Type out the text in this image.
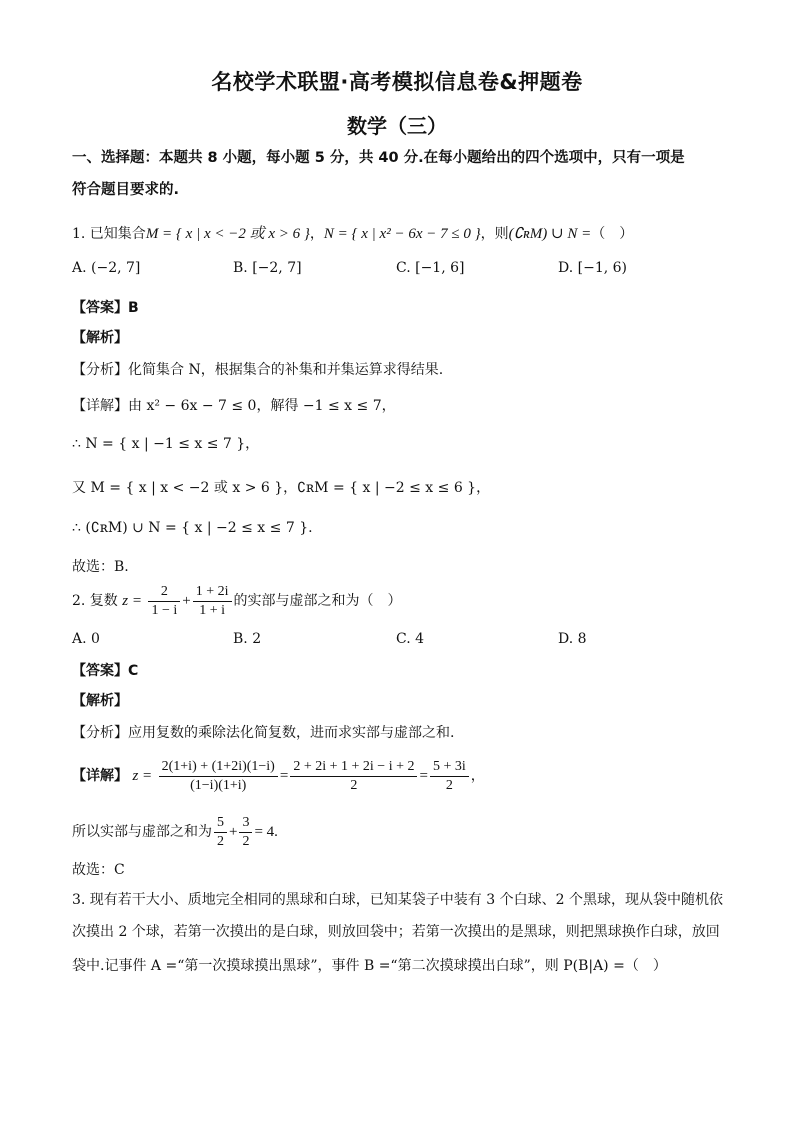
名校学术联盟·高考模拟信息卷&押题卷
数学（三）
一、选择题：本题共 8 小题，每小题 5 分，共 40 分.在每小题给出的四个选项中，只有一项是
符合题目要求的.
1. 已知集合M = { x | x < −2 或 x > 6 }，N = { x | x² − 6x − 7 ≤ 0 }，则(∁ʀM) ∪ N =（　）
A. (−2, 7]	B. [−2, 7]	C. [−1, 6]	D. [−1, 6)
【答案】B
【解析】
【分析】化简集合 N，根据集合的补集和并集运算求得结果.
【详解】由 x² − 6x − 7 ≤ 0，解得 −1 ≤ x ≤ 7，
∴ N = { x | −1 ≤ x ≤ 7 }，
又 M = { x | x < −2 或 x > 6 }，∁ʀM = { x | −2 ≤ x ≤ 6 }，
∴ (∁ʀM) ∪ N = { x | −2 ≤ x ≤ 7 }.
故选：B.
2. 复数 $z = \frac{2}{1 - i} + \frac{1 + 2i}{1 + i}$ 的实部与虚部之和为（　）
A. 0	B. 2	C. 4	D. 8
【答案】C
【解析】
【分析】应用复数的乘除法化简复数，进而求实部与虚部之和.
【详解】 $z = \frac{2(1+i) + (1+2i)(1-i)}{(1-i)(1+i)} = \frac{2 + 2i + 1 + 2i - i + 2}{2} = \frac{5 + 3i}{2}$ ，
所以实部与虚部之和为 $\frac{5}{2} + \frac{3}{2} = 4$.
故选：C
3. 现有若干大小、质地完全相同的黑球和白球，已知某袋子中装有 3 个白球、2 个黑球，现从袋中随机依
次摸出 2 个球，若第一次摸出的是白球，则放回袋中；若第一次摸出的是黑球，则把黑球换作白球，放回
袋中.记事件 A =“第一次摸球摸出黑球”，事件 B =“第二次摸球摸出白球”，则 P(B|A) =（　）
